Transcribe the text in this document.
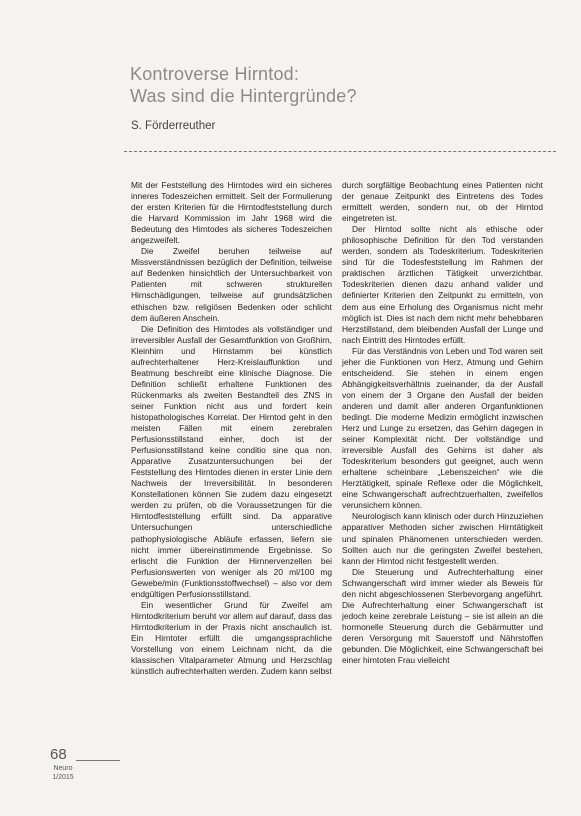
Kontroverse Hirntod:
Was sind die Hintergründe?
S. Förderreuther

Mit der Feststellung des Hirntodes wird ein sicheres inneres Todeszeichen ermittelt. Seit der Formulierung der ersten Kriterien für die Hirntodfeststellung durch die Harvard Kommission im Jahr 1968 wird die Bedeutung des Hirntodes als sicheres Todeszeichen angezweifelt.

Die Zweifel beruhen teilweise auf Missverständnissen bezüglich der Definition, teilweise auf Bedenken hinsichtlich der Untersuchbarkeit von Patienten mit schweren strukturellen Hirnschädigungen, teilweise auf grundsätzlichen ethischen bzw. religiösen Bedenken oder schlicht dem äußeren Anschein.

Die Definition des Hirntodes als vollständiger und irreversibler Ausfall der Gesamtfunktion von Großhirn, Kleinhirn und Hirnstamm bei künstlich aufrechterhaltener Herz-Kreislauffunktion und Beatmung beschreibt eine klinische Diagnose. Die Definition schließt erhaltene Funktionen des Rückenmarks als zweiten Bestandteil des ZNS in seiner Funktion nicht aus und fordert kein histopathologisches Korrelat. Der Hirntod geht in den meisten Fällen mit einem zerebralen Perfusionsstillstand einher, doch ist der Perfusionsstillstand keine conditio sine qua non. Apparative Zusatzuntersuchungen bei der Feststellung des Hirntodes dienen in erster Linie dem Nachweis der Irreversibilität. In besonderen Konstellationen können Sie zudem dazu eingesetzt werden zu prüfen, ob die Voraussetzungen für die Hirntodfeststellung erfüllt sind. Da apparative Untersuchungen unterschiedliche pathophysiologische Abläufe erfassen, liefern sie nicht immer übereinstimmende Ergebnisse. So erlischt die Funktion der Hirnnervenzellen bei Perfusionswerten von weniger als 20 ml/100 mg Gewebe/min (Funktionsstoffwechsel) – also vor dem endgültigen Perfusionsstillstand.

Ein wesentlicher Grund für Zweifel am Hirntodkriterium beruht vor allem auf darauf, dass das Hirntodkriterium in der Praxis nicht anschaulich ist. Ein Hirntoter erfüllt die umgangssprachliche Vorstellung von einem Leichnam nicht, da die klassischen Vitalparameter Atmung und Herzschlag künstlich aufrechterhalten werden. Zudem kann selbst

durch sorgfältige Beobachtung eines Patienten nicht der genaue Zeitpunkt des Eintretens des Todes ermittelt werden, sondern nur, ob der Hirntod eingetreten ist.

Der Hirntod sollte nicht als ethische oder philosophische Definition für den Tod verstanden werden, sondern als Todeskriterium. Todeskriterien sind für die Todesfeststellung im Rahmen der praktischen ärztlichen Tätigkeit unverzichtbar. Todeskriterien dienen dazu anhand valider und definierter Kriterien den Zeitpunkt zu ermitteln, von dem aus eine Erholung des Organismus nicht mehr möglich ist. Dies ist nach dem nicht mehr behebbaren Herzstillstand, dem bleibenden Ausfall der Lunge und nach Eintritt des Hirntodes erfüllt.

Für das Verständnis von Leben und Tod waren seit jeher die Funktionen von Herz, Atmung und Gehirn entscheidend. Sie stehen in einem engen Abhängigkeitsverhältnis zueinander, da der Ausfall von einem der 3 Organe den Ausfall der beiden anderen und damit aller anderen Organfunktionen bedingt. Die moderne Medizin ermöglicht inzwischen Herz und Lunge zu ersetzen, das Gehirn dagegen in seiner Komplexität nicht. Der vollständige und irreversible Ausfall des Gehirns ist daher als Todeskriterium besonders gut geeignet, auch wenn erhaltene scheinbare „Lebenszeichen“ wie die Herztätigkeit, spinale Reflexe oder die Möglichkeit, eine Schwangerschaft aufrechtzuerhalten, zweifellos verunsichern können.

Neurologisch kann klinisch oder durch Hinzuziehen apparativer Methoden sicher zwischen Hirntätigkeit und spinalen Phänomenen unterschieden werden. Sollten auch nur die geringsten Zweifel bestehen, kann der Hirntod nicht festgestellt werden.

Die Steuerung und Aufrechterhaltung einer Schwangerschaft wird immer wieder als Beweis für den nicht abgeschlossenen Sterbevorgang angeführt. Die Aufrechterhaltung einer Schwangerschaft ist jedoch keine zerebrale Leistung – sie ist allein an die hormonelle Steuerung durch die Gebärmutter und deren Versorgung mit Sauerstoff und Nährstoffen gebunden. Die Möglichkeit, eine Schwangerschaft bei einer hirntoten Frau vielleicht

68
Neuro
1/2015
